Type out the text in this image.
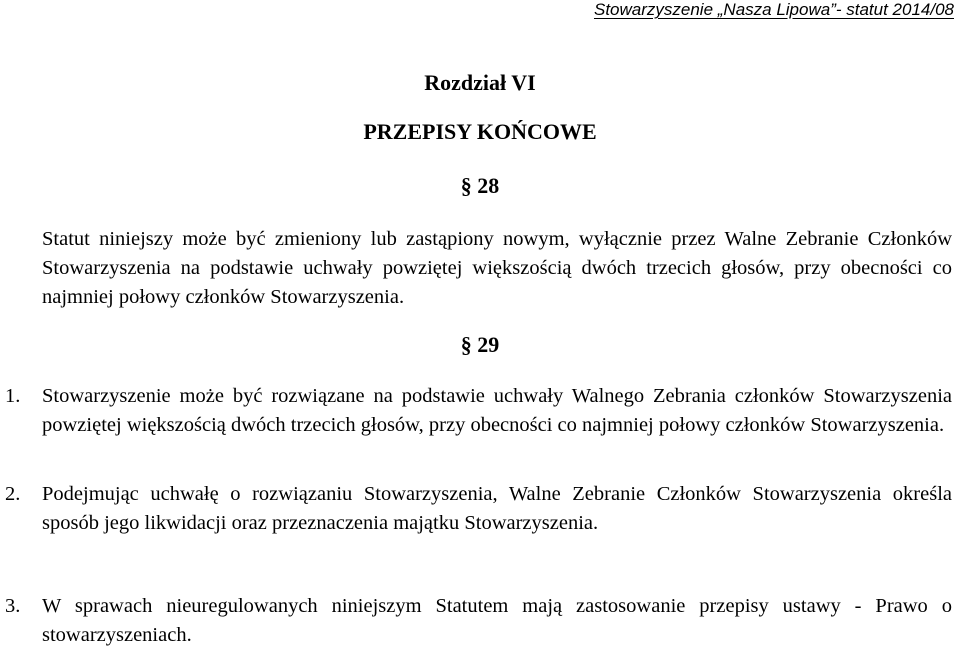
Stowarzyszenie „Nasza Lipowa”- statut 2014/08
Rozdział VI
PRZEPISY KOŃCOWE
§ 28
Statut niniejszy może być zmieniony lub zastąpiony nowym, wyłącznie przez Walne Zebranie Członków Stowarzyszenia na podstawie uchwały powziętej większością dwóch trzecich głosów, przy obecności co najmniej połowy członków Stowarzyszenia.
§ 29
1. Stowarzyszenie może być rozwiązane na podstawie uchwały Walnego Zebrania członków Stowarzyszenia powziętej większością dwóch trzecich głosów, przy obecności co najmniej połowy członków Stowarzyszenia.
2. Podejmując uchwałę o rozwiązaniu Stowarzyszenia, Walne Zebranie Członków Stowarzyszenia określa sposób jego likwidacji oraz przeznaczenia majątku Stowarzyszenia.
3. W sprawach nieuregulowanych niniejszym Statutem mają zastosowanie przepisy ustawy - Prawo o stowarzyszeniach.
